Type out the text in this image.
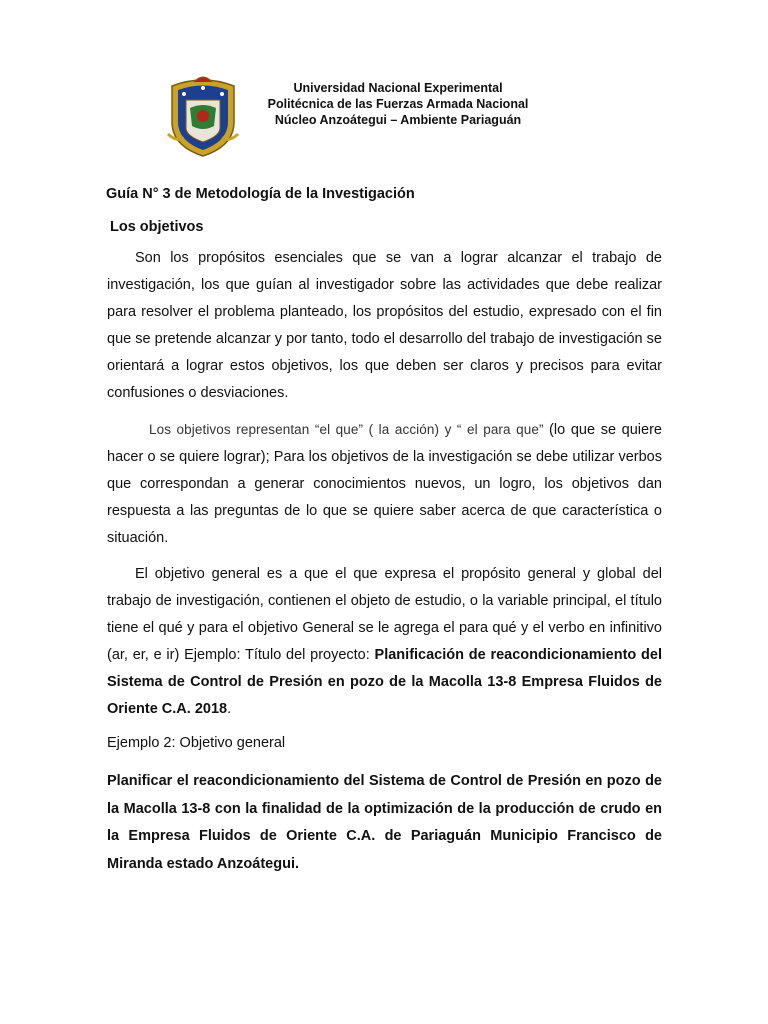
Universidad Nacional Experimental
Politécnica de las Fuerzas Armada Nacional
Núcleo Anzoátegui – Ambiente Pariaguán
Guía N° 3 de Metodología de la Investigación
Los objetivos
Son los propósitos esenciales que se van a lograr alcanzar el trabajo de investigación, los que guían al investigador sobre las actividades que debe realizar para resolver el problema planteado, los propósitos del estudio, expresado con el fin que se pretende alcanzar y por tanto, todo el desarrollo del trabajo de investigación se orientará a lograr estos objetivos, los que deben ser claros y precisos para evitar confusiones o desviaciones.
Los objetivos representan “el que” ( la acción) y “ el para que” (lo que se quiere hacer o se quiere lograr); Para los objetivos de la investigación se debe utilizar verbos que correspondan a generar conocimientos nuevos, un logro, los objetivos dan respuesta a las preguntas de lo que se quiere saber acerca de que característica o situación.
El objetivo general es a que el que expresa el propósito general y global del trabajo de investigación, contienen el objeto de estudio, o la variable principal, el título tiene el qué y para el objetivo General se le agrega el para qué y el verbo en infinitivo (ar, er, e ir) Ejemplo: Título del proyecto: Planificación de reacondicionamiento del Sistema de Control de Presión en pozo de la Macolla 13-8 Empresa Fluidos de Oriente C.A. 2018.
Ejemplo 2: Objetivo general
Planificar el reacondicionamiento del Sistema de Control de Presión en pozo de la Macolla 13-8 con la finalidad de la optimización de la producción de crudo en la Empresa Fluidos de Oriente C.A. de Pariaguán Municipio Francisco de Miranda estado Anzoátegui.
